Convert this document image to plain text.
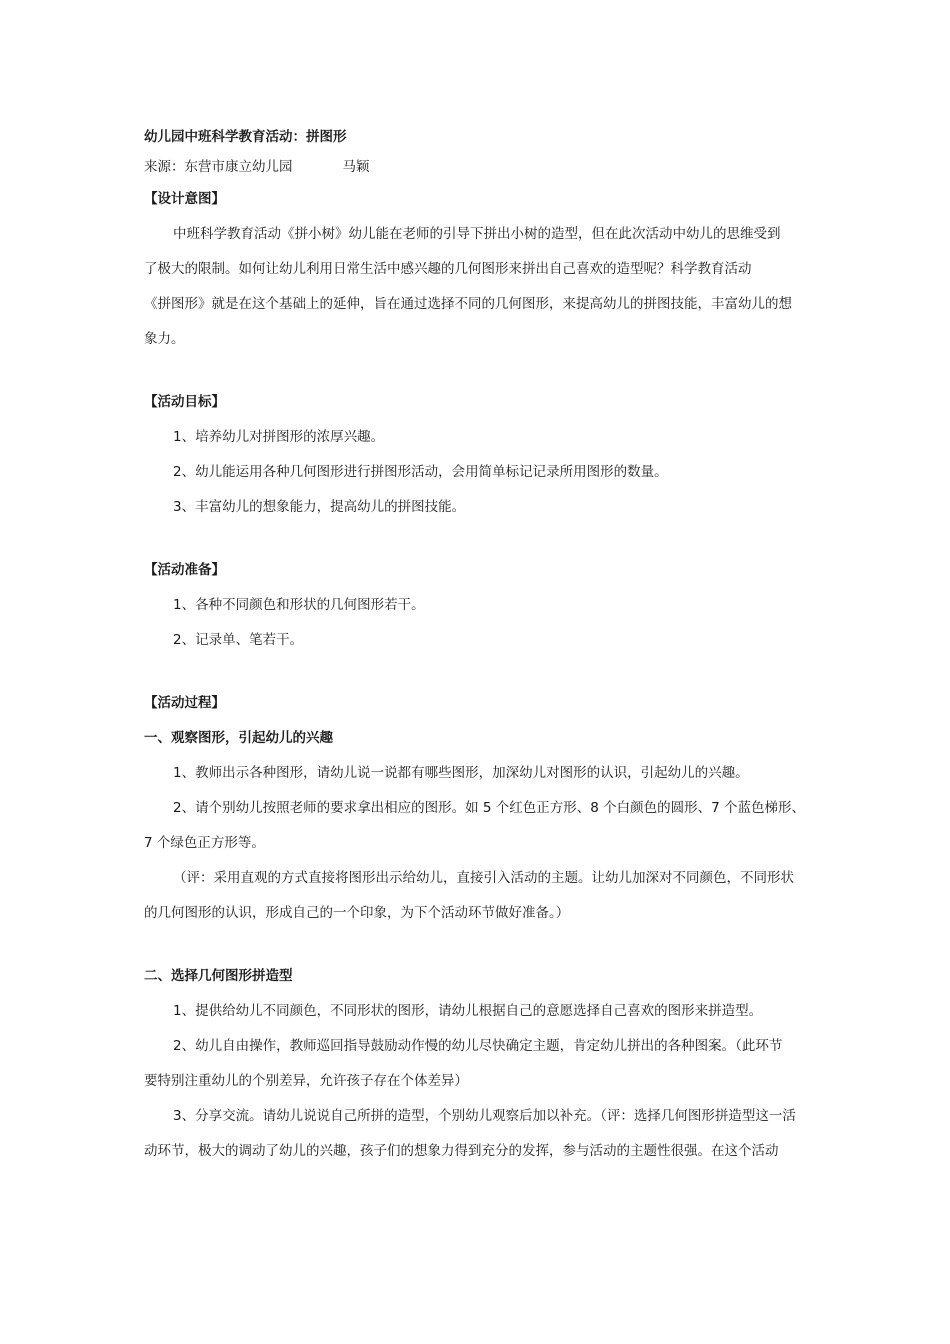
幼儿园中班科学教育活动：拼图形

来源：东营市康立幼儿园	马颖

【设计意图】

中班科学教育活动《拼小树》幼儿能在老师的引导下拼出小树的造型，但在此次活动中幼儿的思维受到

了极大的限制。如何让幼儿利用日常生活中感兴趣的几何图形来拼出自己喜欢的造型呢？科学教育活动

《拼图形》就是在这个基础上的延伸，旨在通过选择不同的几何图形，来提高幼儿的拼图技能，丰富幼儿的想

象力。

【活动目标】

1、培养幼儿对拼图形的浓厚兴趣。

2、幼儿能运用各种几何图形进行拼图形活动，会用简单标记记录所用图形的数量。

3、丰富幼儿的想象能力，提高幼儿的拼图技能。

【活动准备】

1、各种不同颜色和形状的几何图形若干。

2、记录单、笔若干。

【活动过程】

一、观察图形，引起幼儿的兴趣

1、教师出示各种图形，请幼儿说一说都有哪些图形，加深幼儿对图形的认识，引起幼儿的兴趣。

2、请个别幼儿按照老师的要求拿出相应的图形。如 5 个红色正方形、8 个白颜色的圆形、7 个蓝色梯形、

7 个绿色正方形等。

（评：采用直观的方式直接将图形出示给幼儿，直接引入活动的主题。让幼儿加深对不同颜色，不同形状

的几何图形的认识，形成自己的一个印象，为下个活动环节做好准备。）

二、选择几何图形拼造型

1、提供给幼儿不同颜色，不同形状的图形，请幼儿根据自己的意愿选择自己喜欢的图形来拼造型。

2、幼儿自由操作，教师巡回指导鼓励动作慢的幼儿尽快确定主题，肯定幼儿拼出的各种图案。（此环节

要特别注重幼儿的个别差异，允许孩子存在个体差异）

3、分享交流。请幼儿说说自己所拼的造型，个别幼儿观察后加以补充。（评：选择几何图形拼造型这一活

动环节，极大的调动了幼儿的兴趣，孩子们的想象力得到充分的发挥，参与活动的主题性很强。在这个活动
